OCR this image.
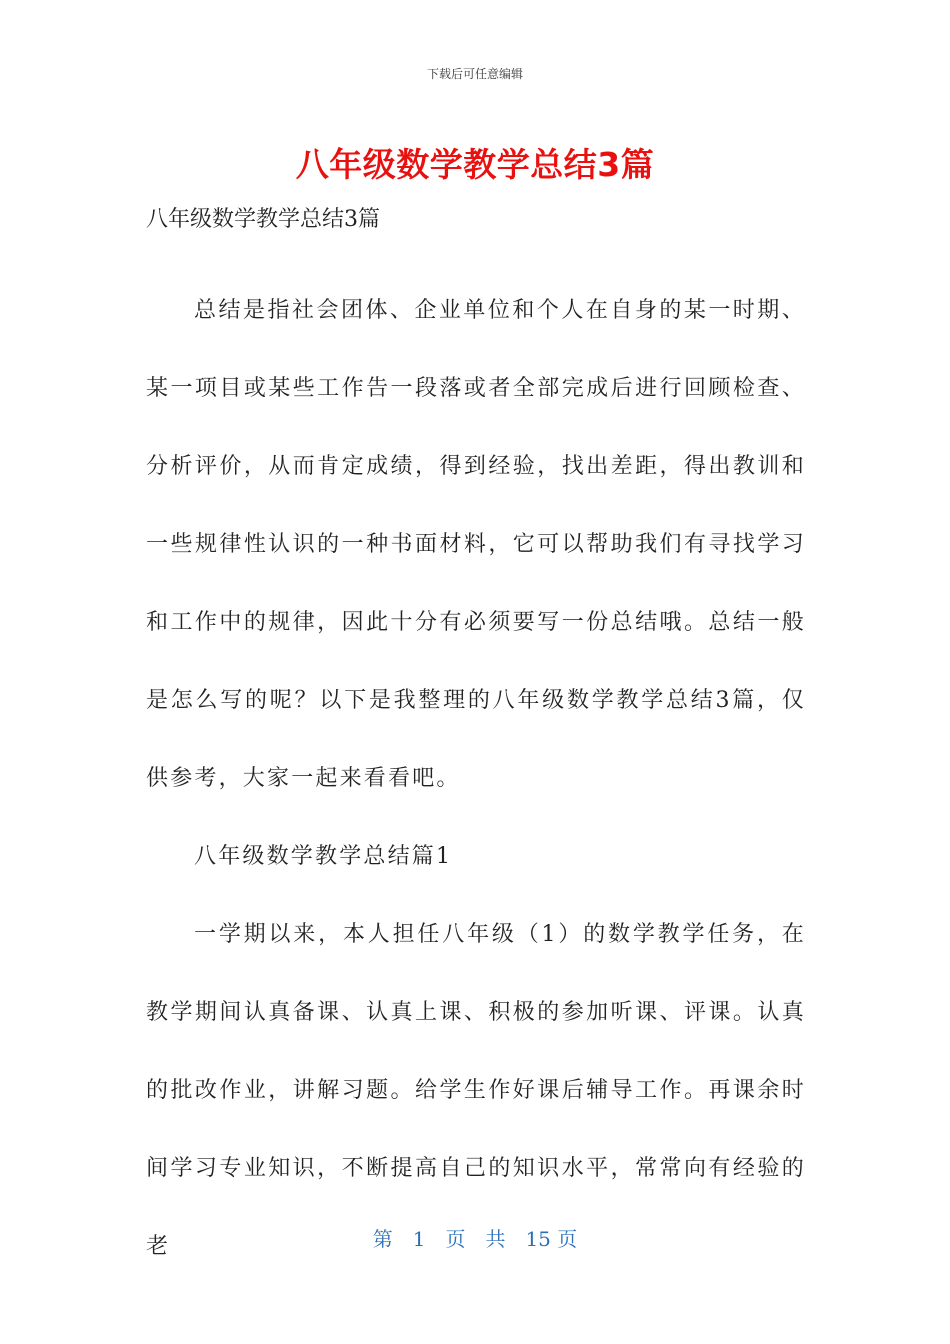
下载后可任意编辑
八年级数学教学总结3篇
八年级数学教学总结3篇

总结是指社会团体、企业单位和个人在自身的某一时期、某一项目或某些工作告一段落或者全部完成后进行回顾检查、分析评价，从而肯定成绩，得到经验，找出差距，得出教训和一些规律性认识的一种书面材料，它可以帮助我们有寻找学习和工作中的规律，因此十分有必须要写一份总结哦。总结一般是怎么写的呢？以下是我整理的八年级数学教学总结3篇，仅供参考，大家一起来看看吧。

八年级数学教学总结篇1

一学期以来，本人担任八年级（1）的数学教学任务，在教学期间认真备课、认真上课、积极的参加听课、评课。认真的批改作业，讲解习题。给学生作好课后辅导工作。再课余时间学习专业知识，不断提高自己的知识水平，常常向有经验的老	第　1　页　共　15 页
